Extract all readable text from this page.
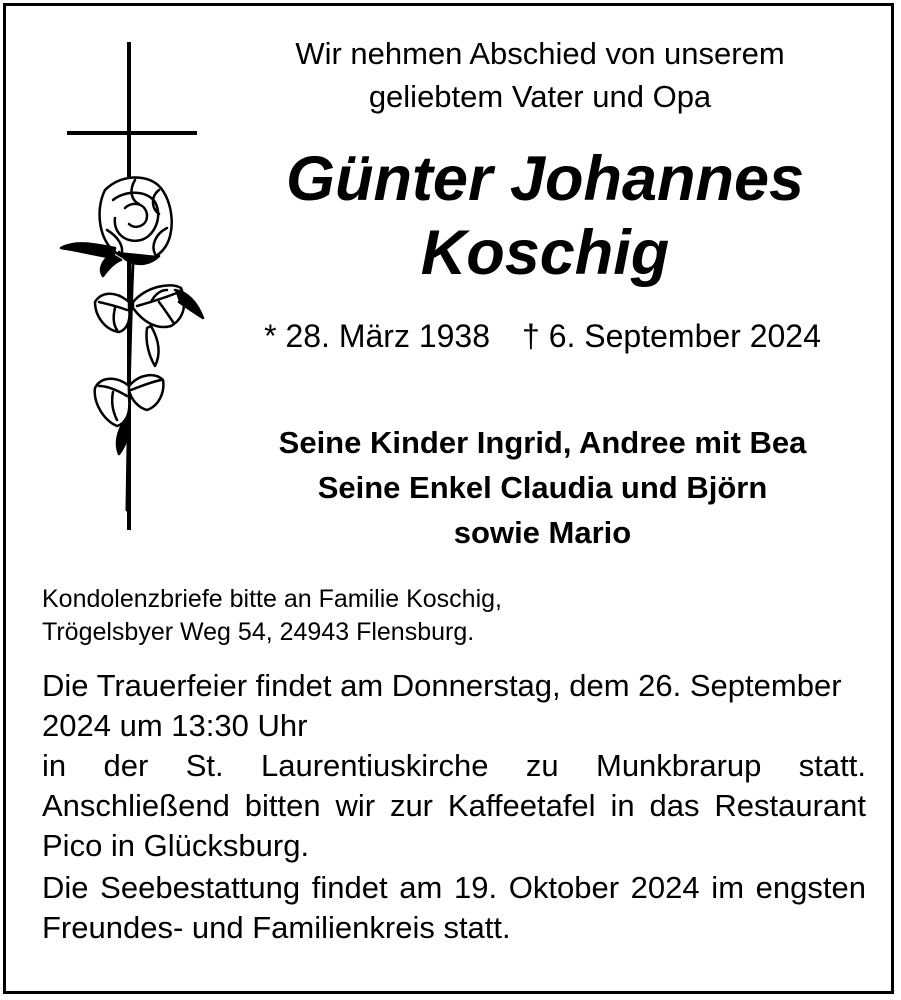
Wir nehmen Abschied von unserem
geliebtem Vater und Opa
Günter Johannes
Koschig
* 28. März 1938 † 6. September 2024
Seine Kinder Ingrid, Andree mit Bea
Seine Enkel Claudia und Björn
sowie Mario
Kondolenzbriefe bitte an Familie Koschig,
Trögelsbyer Weg 54, 24943 Flensburg.

Die Trauerfeier findet am Donnerstag, dem 26. September 2024 um 13:30 Uhr

in der St. Laurentiuskirche zu Munkbrarup statt. Anschließend bitten wir zur Kaffeetafel in das Restaurant Pico in Glücksburg.

Die Seebestattung findet am 19. Oktober 2024 im engsten Freundes- und Familienkreis statt.
